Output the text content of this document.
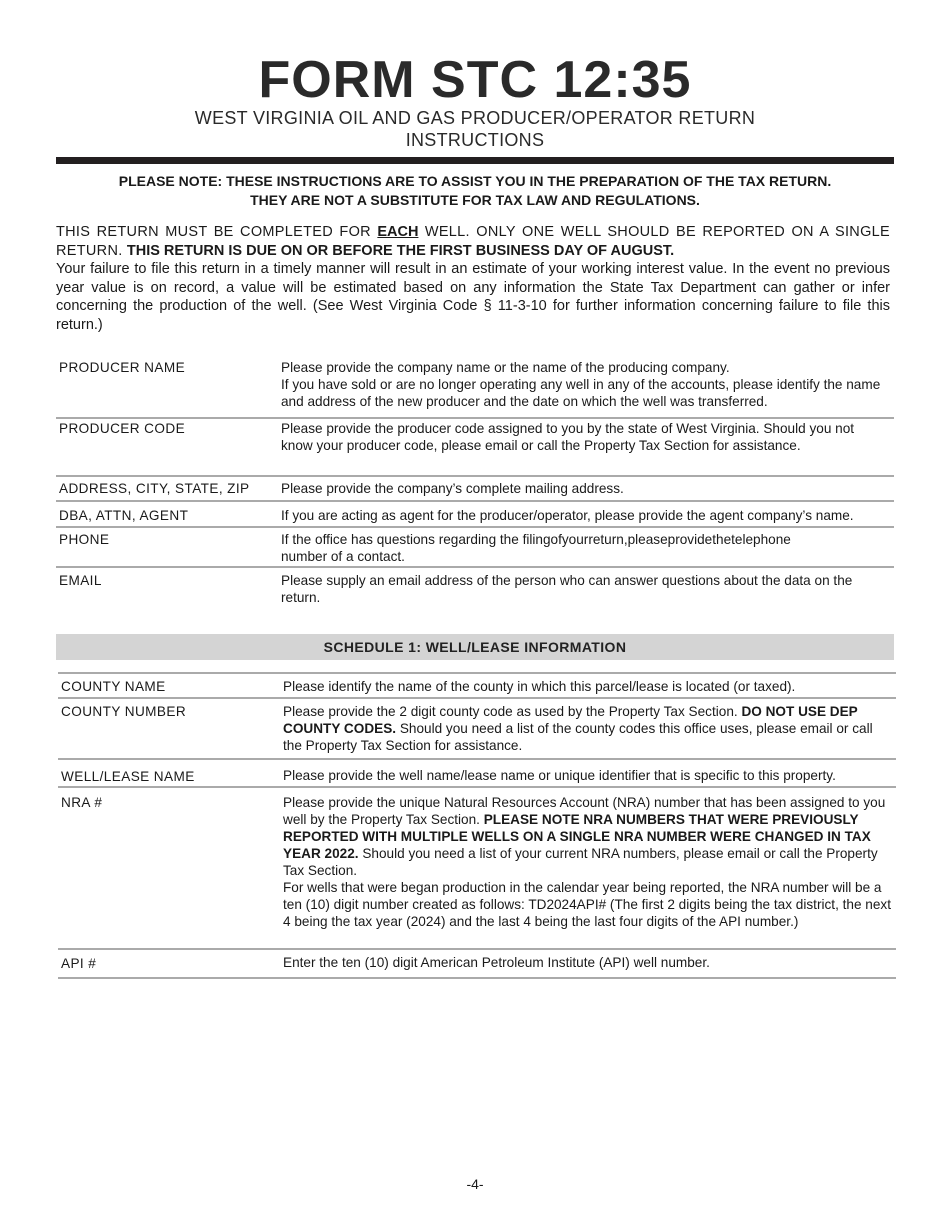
FORM STC 12:35
WEST VIRGINIA OIL AND GAS PRODUCER/OPERATOR RETURN
INSTRUCTIONS
PLEASE NOTE: THESE INSTRUCTIONS ARE TO ASSIST YOU IN THE PREPARATION OF THE TAX RETURN.
THEY ARE NOT A SUBSTITUTE FOR TAX LAW AND REGULATIONS.
THIS RETURN MUST BE COMPLETED FOR EACH WELL. ONLY ONE WELL SHOULD BE REPORTED ON A SINGLE RETURN. THIS RETURN IS DUE ON OR BEFORE THE FIRST BUSINESS DAY OF AUGUST.
Your failure to file this return in a timely manner will result in an estimate of your working interest value. In the event no previous year value is on record, a value will be estimated based on any information the State Tax Department can gather or infer concerning the production of the well. (See West Virginia Code § 11-3-10 for further information concerning failure to file this return.)
PRODUCER NAME	Please provide the company name or the name of the producing company.
If you have sold or are no longer operating any well in any of the accounts, please identify the name and address of the new producer and the date on which the well was transferred.
PRODUCER CODE	Please provide the producer code assigned to you by the state of West Virginia. Should you not know your producer code, please email or call the Property Tax Section for assistance.
ADDRESS, CITY, STATE, ZIP	Please provide the company’s complete mailing address.
DBA, ATTN, AGENT	If you are acting as agent for the producer/operator, please provide the agent company’s name.
PHONE	If the office has questions regarding the filingofyourreturn,pleaseprovidethetelephone number of a contact.
EMAIL	Please supply an email address of the person who can answer questions about the data on the return.
SCHEDULE 1: WELL/LEASE INFORMATION
COUNTY NAME	Please identify the name of the county in which this parcel/lease is located (or taxed).
COUNTY NUMBER	Please provide the 2 digit county code as used by the Property Tax Section. DO NOT USE DEP COUNTY CODES. Should you need a list of the county codes this office uses, please email or call the Property Tax Section for assistance.
WELL/LEASE NAME	Please provide the well name/lease name or unique identifier that is specific to this property.
NRA #	Please provide the unique Natural Resources Account (NRA) number that has been assigned to you well by the Property Tax Section. PLEASE NOTE NRA NUMBERS THAT WERE PREVIOUSLY REPORTED WITH MULTIPLE WELLS ON A SINGLE NRA NUMBER WERE CHANGED IN TAX YEAR 2022. Should you need a list of your current NRA numbers, please email or call the Property Tax Section.
For wells that were began production in the calendar year being reported, the NRA number will be a ten (10) digit number created as follows: TD2024API# (The first 2 digits being the tax district, the next 4 being the tax year (2024) and the last 4 being the last four digits of the API number.)
API #	Enter the ten (10) digit American Petroleum Institute (API) well number.
-4-
